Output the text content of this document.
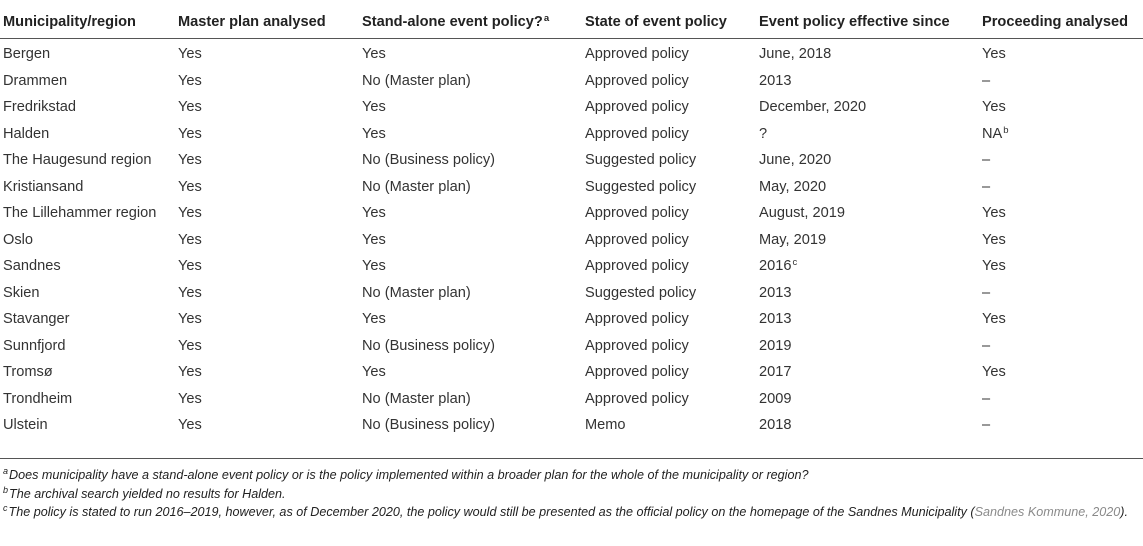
Municipality/region	Master plan analysed	Stand-alone event policy?$^a$	State of event policy	Event policy effective since	Proceeding analysed
Bergen	Yes	Yes	Approved policy	June, 2018	Yes
Drammen	Yes	No (Master plan)	Approved policy	2013	–
Fredrikstad	Yes	Yes	Approved policy	December, 2020	Yes
Halden	Yes	Yes	Approved policy	?	$NA^b$
The Haugesund region	Yes	No (Business policy)	Suggested policy	June, 2020	–
Kristiansand	Yes	No (Master plan)	Suggested policy	May, 2020	–
The Lillehammer region	Yes	Yes	Approved policy	August, 2019	Yes
Oslo	Yes	Yes	Approved policy	May, 2019	Yes
Sandnes	Yes	Yes	Approved policy	2016$^c$	Yes
Skien	Yes	No (Master plan)	Suggested policy	2013	–
Stavanger	Yes	Yes	Approved policy	2013	Yes
Sunnfjord	Yes	No (Business policy)	Approved policy	2019	–
Tromsø	Yes	Yes	Approved policy	2017	Yes
Trondheim	Yes	No (Master plan)	Approved policy	2009	–
Ulstein	Yes	No (Business policy)	Memo	2018	–

$^a$Does municipality have a stand-alone event policy or is the policy implemented within a broader plan for the whole of the municipality or region?

$^b$The archival search yielded no results for Halden.

$^c$The policy is stated to run 2016–2019, however, as of December 2020, the policy would still be presented as the official policy on the homepage of the Sandnes Municipality (Sandnes Kommune, 2020).
